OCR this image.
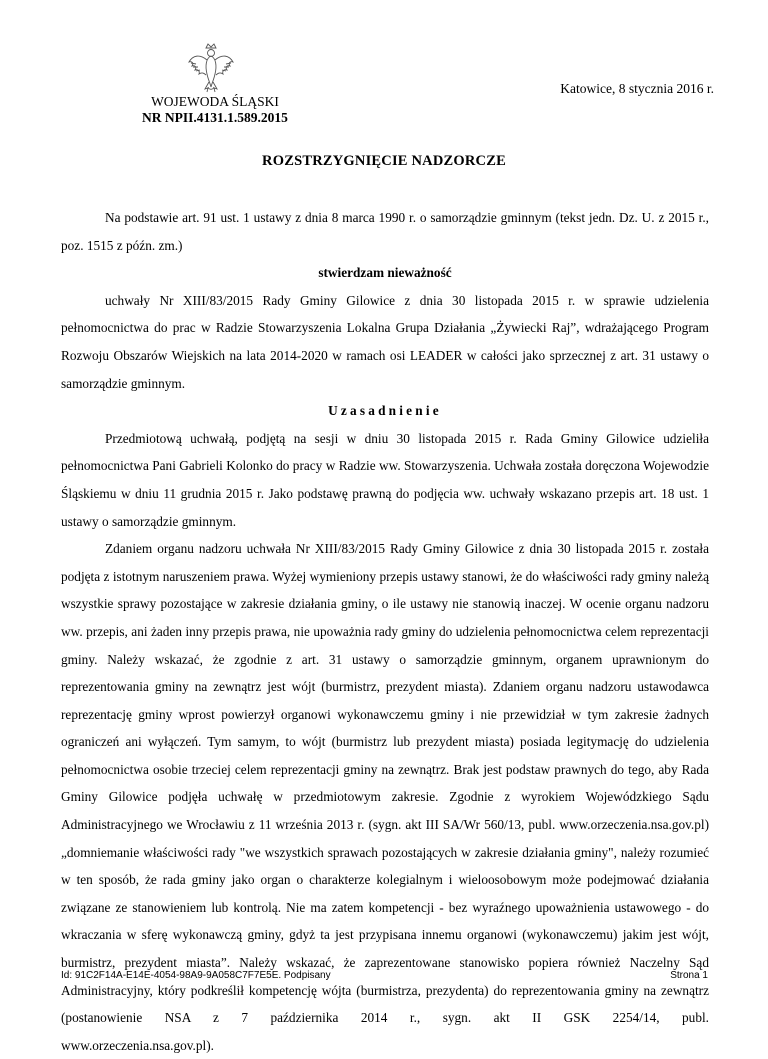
WOJEWODA ŚLĄSKI
NR NPII.4131.1.589.2015
Katowice, 8 stycznia 2016 r.
ROZSTRZYGNIĘCIE NADZORCZE

Na podstawie art. 91 ust. 1 ustawy z dnia 8 marca 1990 r. o samorządzie gminnym (tekst jedn. Dz. U. z 2015 r., poz. 1515 z późn. zm.)

stwierdzam nieważność

uchwały Nr XIII/83/2015 Rady Gminy Gilowice z dnia 30 listopada 2015 r. w sprawie udzielenia pełnomocnictwa do prac w Radzie Stowarzyszenia Lokalna Grupa Działania „Żywiecki Raj”, wdrażającego Program Rozwoju Obszarów Wiejskich na lata 2014-2020 w ramach osi LEADER w całości jako sprzecznej z art. 31 ustawy o samorządzie gminnym.

Uzasadnienie

Przedmiotową uchwałą, podjętą na sesji w dniu 30 listopada 2015 r. Rada Gminy Gilowice udzieliła pełnomocnictwa Pani Gabrieli Kolonko do pracy w Radzie ww. Stowarzyszenia. Uchwała została doręczona Wojewodzie Śląskiemu w dniu 11 grudnia 2015 r. Jako podstawę prawną do podjęcia ww. uchwały wskazano przepis art. 18 ust. 1 ustawy o samorządzie gminnym.

Zdaniem organu nadzoru uchwała Nr XIII/83/2015 Rady Gminy Gilowice z dnia 30 listopada 2015 r. została podjęta z istotnym naruszeniem prawa. Wyżej wymieniony przepis ustawy stanowi, że do właściwości rady gminy należą wszystkie sprawy pozostające w zakresie działania gminy, o ile ustawy nie stanowią inaczej. W ocenie organu nadzoru ww. przepis, ani żaden inny przepis prawa, nie upoważnia rady gminy do udzielenia pełnomocnictwa celem reprezentacji gminy. Należy wskazać, że zgodnie z art. 31 ustawy o samorządzie gminnym, organem uprawnionym do reprezentowania gminy na zewnątrz jest wójt (burmistrz, prezydent miasta). Zdaniem organu nadzoru ustawodawca reprezentację gminy wprost powierzył organowi wykonawczemu gminy i nie przewidział w tym zakresie żadnych ograniczeń ani wyłączeń. Tym samym, to wójt (burmistrz lub prezydent miasta) posiada legitymację do udzielenia pełnomocnictwa osobie trzeciej celem reprezentacji gminy na zewnątrz. Brak jest podstaw prawnych do tego, aby Rada Gminy Gilowice podjęła uchwałę w przedmiotowym zakresie. Zgodnie z wyrokiem Wojewódzkiego Sądu Administracyjnego we Wrocławiu z 11 września 2013 r. (sygn. akt III SA/Wr 560/13, publ. www.orzeczenia.nsa.gov.pl) „domniemanie właściwości rady "we wszystkich sprawach pozostających w zakresie działania gminy", należy rozumieć w ten sposób, że rada gminy jako organ o charakterze kolegialnym i wieloosobowym może podejmować działania związane ze stanowieniem lub kontrolą. Nie ma zatem kompetencji - bez wyraźnego upoważnienia ustawowego - do wkraczania w sferę wykonawczą gminy, gdyż ta jest przypisana innemu organowi (wykonawczemu) jakim jest wójt, burmistrz, prezydent miasta”. Należy wskazać, że zaprezentowane stanowisko popiera również Naczelny Sąd Administracyjny, który podkreślił kompetencję wójta (burmistrza, prezydenta) do reprezentowania gminy na zewnątrz (postanowienie NSA z 7 października 2014 r., sygn. akt II GSK 2254/14, publ.

www.orzeczenia.nsa.gov.pl).

Id: 91C2F14A-E14E-4054-98A9-9A058C7F7E5E. Podpisany	Strona 1
